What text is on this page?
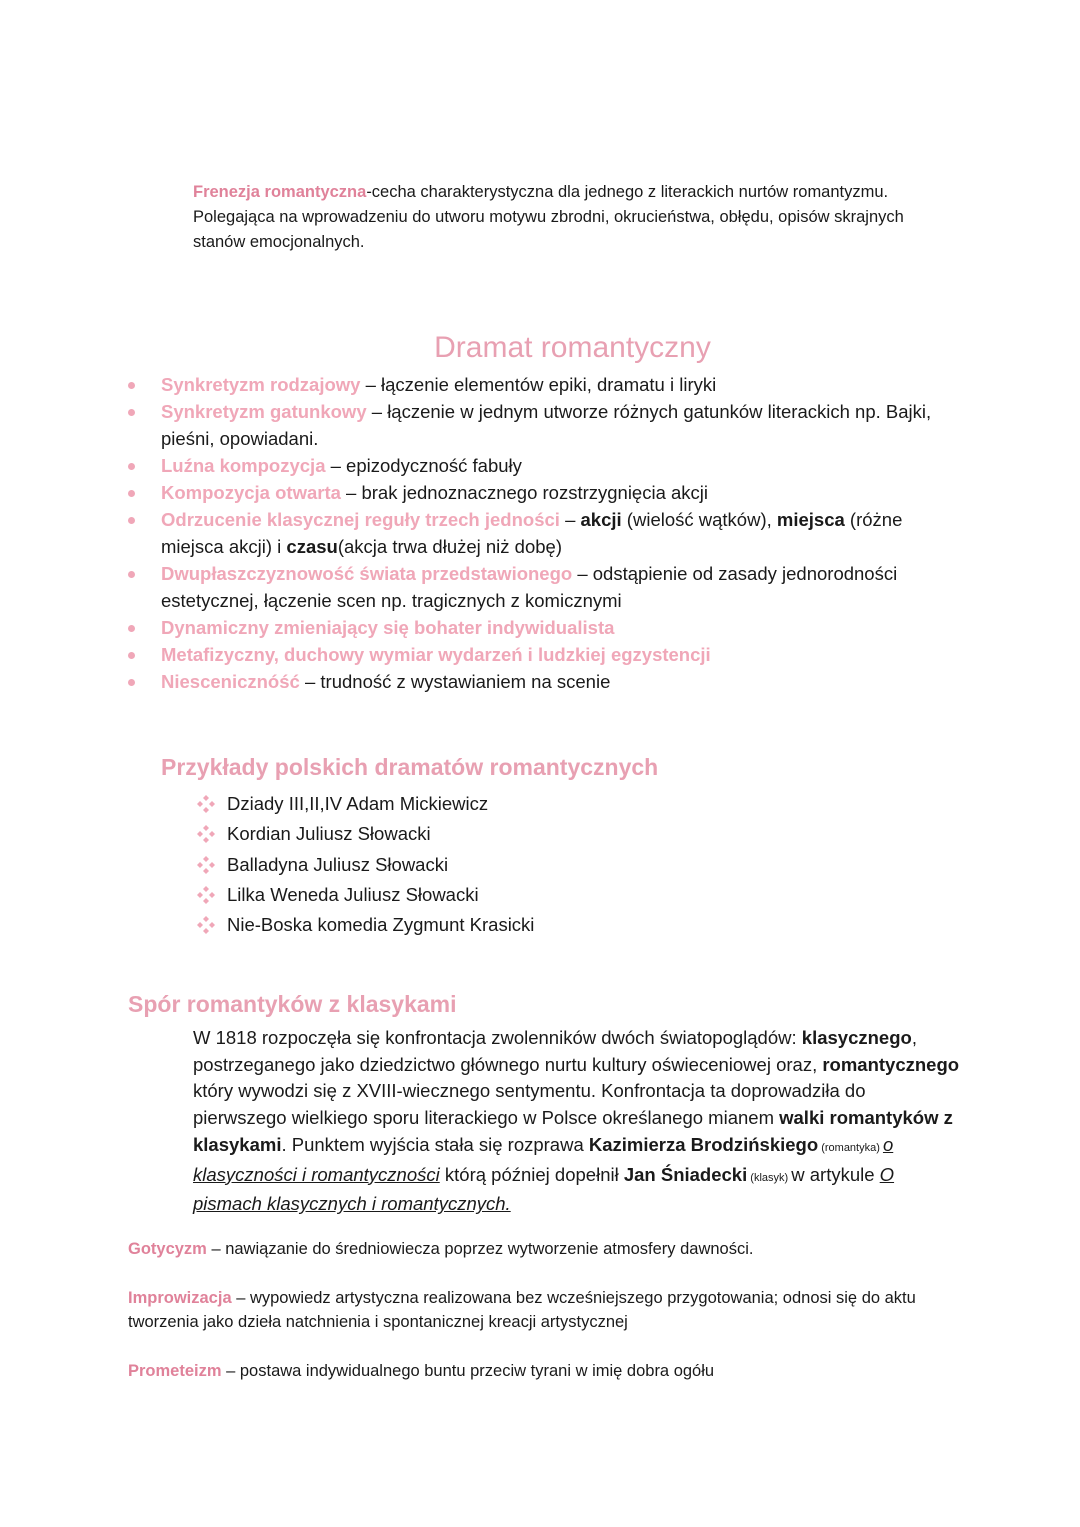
Frenezja romantyczna-cecha charakterystyczna dla jednego z literackich nurtów romantyzmu. Polegająca na wprowadzeniu do utworu motywu zbrodni, okrucieństwa, obłędu, opisów skrajnych stanów emocjonalnych.
Dramat romantyczny
Synkretyzm rodzajowy – łączenie elementów epiki, dramatu i liryki
Synkretyzm gatunkowy – łączenie w jednym utworze różnych gatunków literackich np. Bajki, pieśni, opowiadani.
Luźna kompozycja – epizodyczność fabuły
Kompozycja otwarta – brak jednoznacznego rozstrzygnięcia akcji
Odrzucenie klasycznej reguły trzech jedności – akcji (wielość wątków), miejsca (różne miejsca akcji) i czasu(akcja trwa dłużej niż dobę)
Dwupłaszczyznowość świata przedstawionego – odstąpienie od zasady jednorodności estetycznej, łączenie scen np. tragicznych z komicznymi
Dynamiczny zmieniający się bohater indywidualista
Metafizyczny, duchowy wymiar wydarzeń i ludzkiej egzystencji
Niescenicznóść – trudność z wystawianiem na scenie
Przykłady polskich dramatów romantycznych
Dziady III,II,IV Adam Mickiewicz
Kordian Juliusz Słowacki
Balladyna Juliusz Słowacki
Lilka Weneda Juliusz Słowacki
Nie-Boska komedia Zygmunt Krasicki
Spór romantyków z klasykami
W 1818 rozpoczęła się konfrontacja zwolenników dwóch światopoglądów: klasycznego, postrzeganego jako dziedzictwo głównego nurtu kultury oświeceniowej oraz, romantycznego który wywodzi się z XVIII-wiecznego sentymentu. Konfrontacja ta doprowadziła do pierwszego wielkiego sporu literackiego w Polsce określanego mianem walki romantyków z klasykami. Punktem wyjścia stała się rozprawa Kazimierza Brodzińskiego (romantyka) o klasyczności i romantyczności którą później dopełnił Jan Śniadecki (klasyk) w artykule O pismach klasycznych i romantycznych.
Gotycyzm – nawiązanie do średniowiecza poprzez wytworzenie atmosfery dawności.
Improwizacja – wypowiedz artystyczna realizowana bez wcześniejszego przygotowania; odnosi się do aktu tworzenia jako dzieła natchnienia i spontanicznej kreacji artystycznej
Prometeizm – postawa indywidualnego buntu przeciw tyrani w imię dobra ogółu
